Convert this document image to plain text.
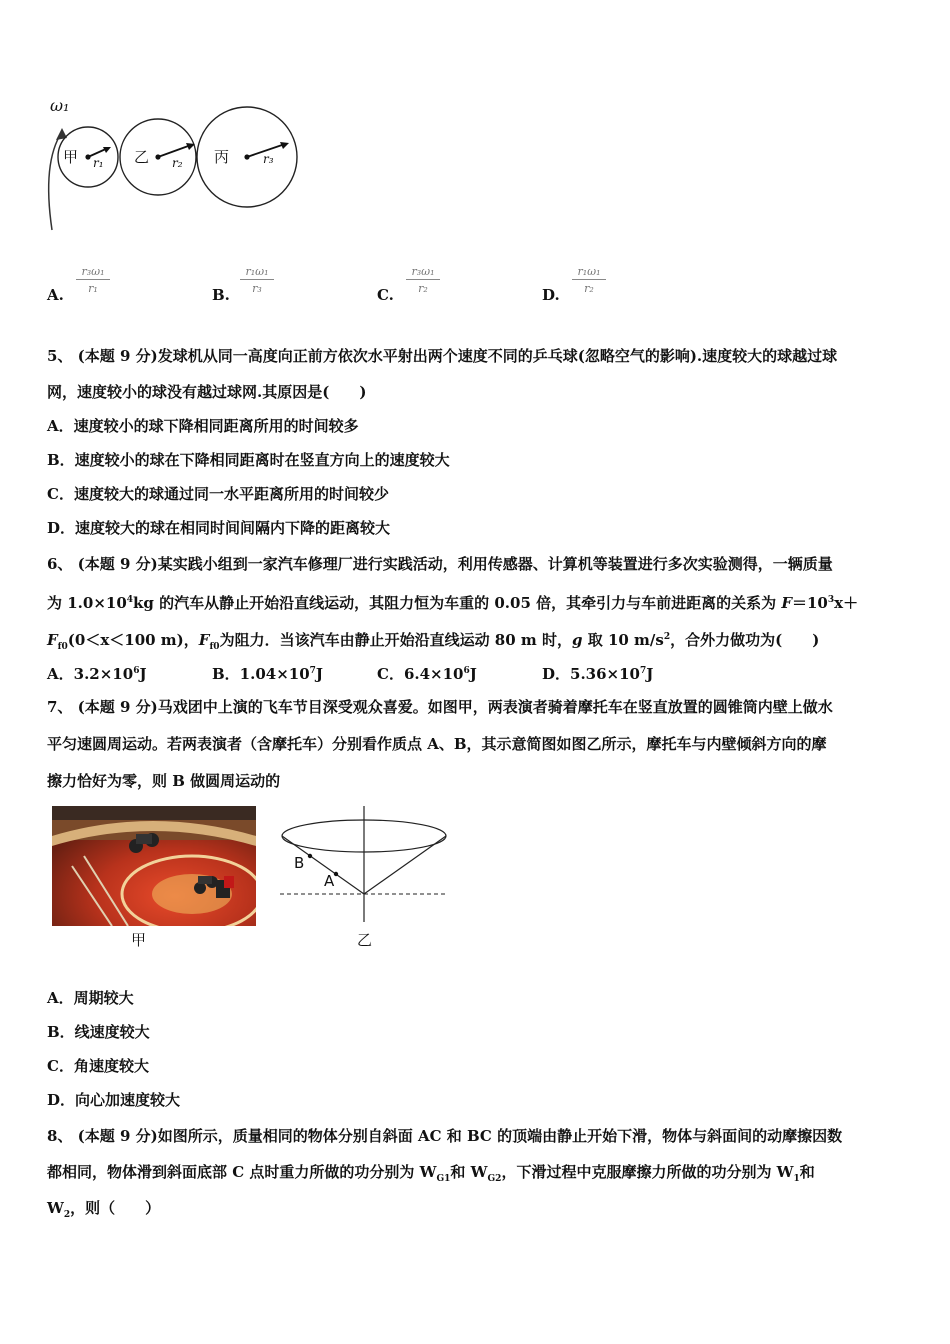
ω₁
甲	乙	丙
r₁	r₂	r₃
A. $\frac{\text{r₃ω₁}}{\text{r₁}}$	B. $\frac{\text{r₁ω₁}}{\text{r₃}}$	C. $\frac{\text{r₃ω₁}}{\text{r₂}}$	D. $\frac{\text{r₁ω₁}}{\text{r₂}}$
5、 (本题 9 分)发球机从同一高度向正前方依次水平射出两个速度不同的乒乓球(忽略空气的影响).速度较大的球越过球
网，速度较小的球没有越过球网.其原因是(　　)
A．速度较小的球下降相同距离所用的时间较多
B．速度较小的球在下降相同距离时在竖直方向上的速度较大
C．速度较大的球通过同一水平距离所用的时间较少
D．速度较大的球在相同时间间隔内下降的距离较大
6、 (本题 9 分)某实践小组到一家汽车修理厂进行实践活动，利用传感器、计算机等装置进行多次实验测得，一辆质量
为 $1.0\times 10^4kg$ 的汽车从静止开始沿直线运动，其阻力恒为车重的 0.05 倍，其牵引力与车前进距离的关系为 $F=10^3x+$
$F_{f0}(0<x<100$ m)，$F_{f0}$为阻力．当该汽车由静止开始沿直线运动 80 m 时，g 取 10 $m/s^2$，合外力做功为(　　)
A．$3.2\times 10^6J$	B．$1.04\times 10^7J$	C．$6.4\times 10^6J$	D．$5.36\times 10^7J$
7、 (本题 9 分)马戏团中上演的飞车节目深受观众喜爱。如图甲，两表演者骑着摩托车在竖直放置的圆锥筒内壁上做水
平匀速圆周运动。若两表演者（含摩托车）分别看作质点 A、B，其示意简图如图乙所示，摩托车与内壁倾斜方向的摩
擦力恰好为零，则 B 做圆周运动的
甲
B
A
乙
A．周期较大
B．线速度较大
C．角速度较大
D．向心加速度较大
8、 (本题 9 分)如图所示，质量相同的物体分别自斜面 AC 和 BC 的顶端由静止开始下滑，物体与斜面间的动摩擦因数
都相同，物体滑到斜面底部 C 点时重力所做的功分别为 $W_{G1}$和 $W_{G2}$，下滑过程中克服摩擦力所做的功分别为 $W_1$和
$W_2$，则（　　）
